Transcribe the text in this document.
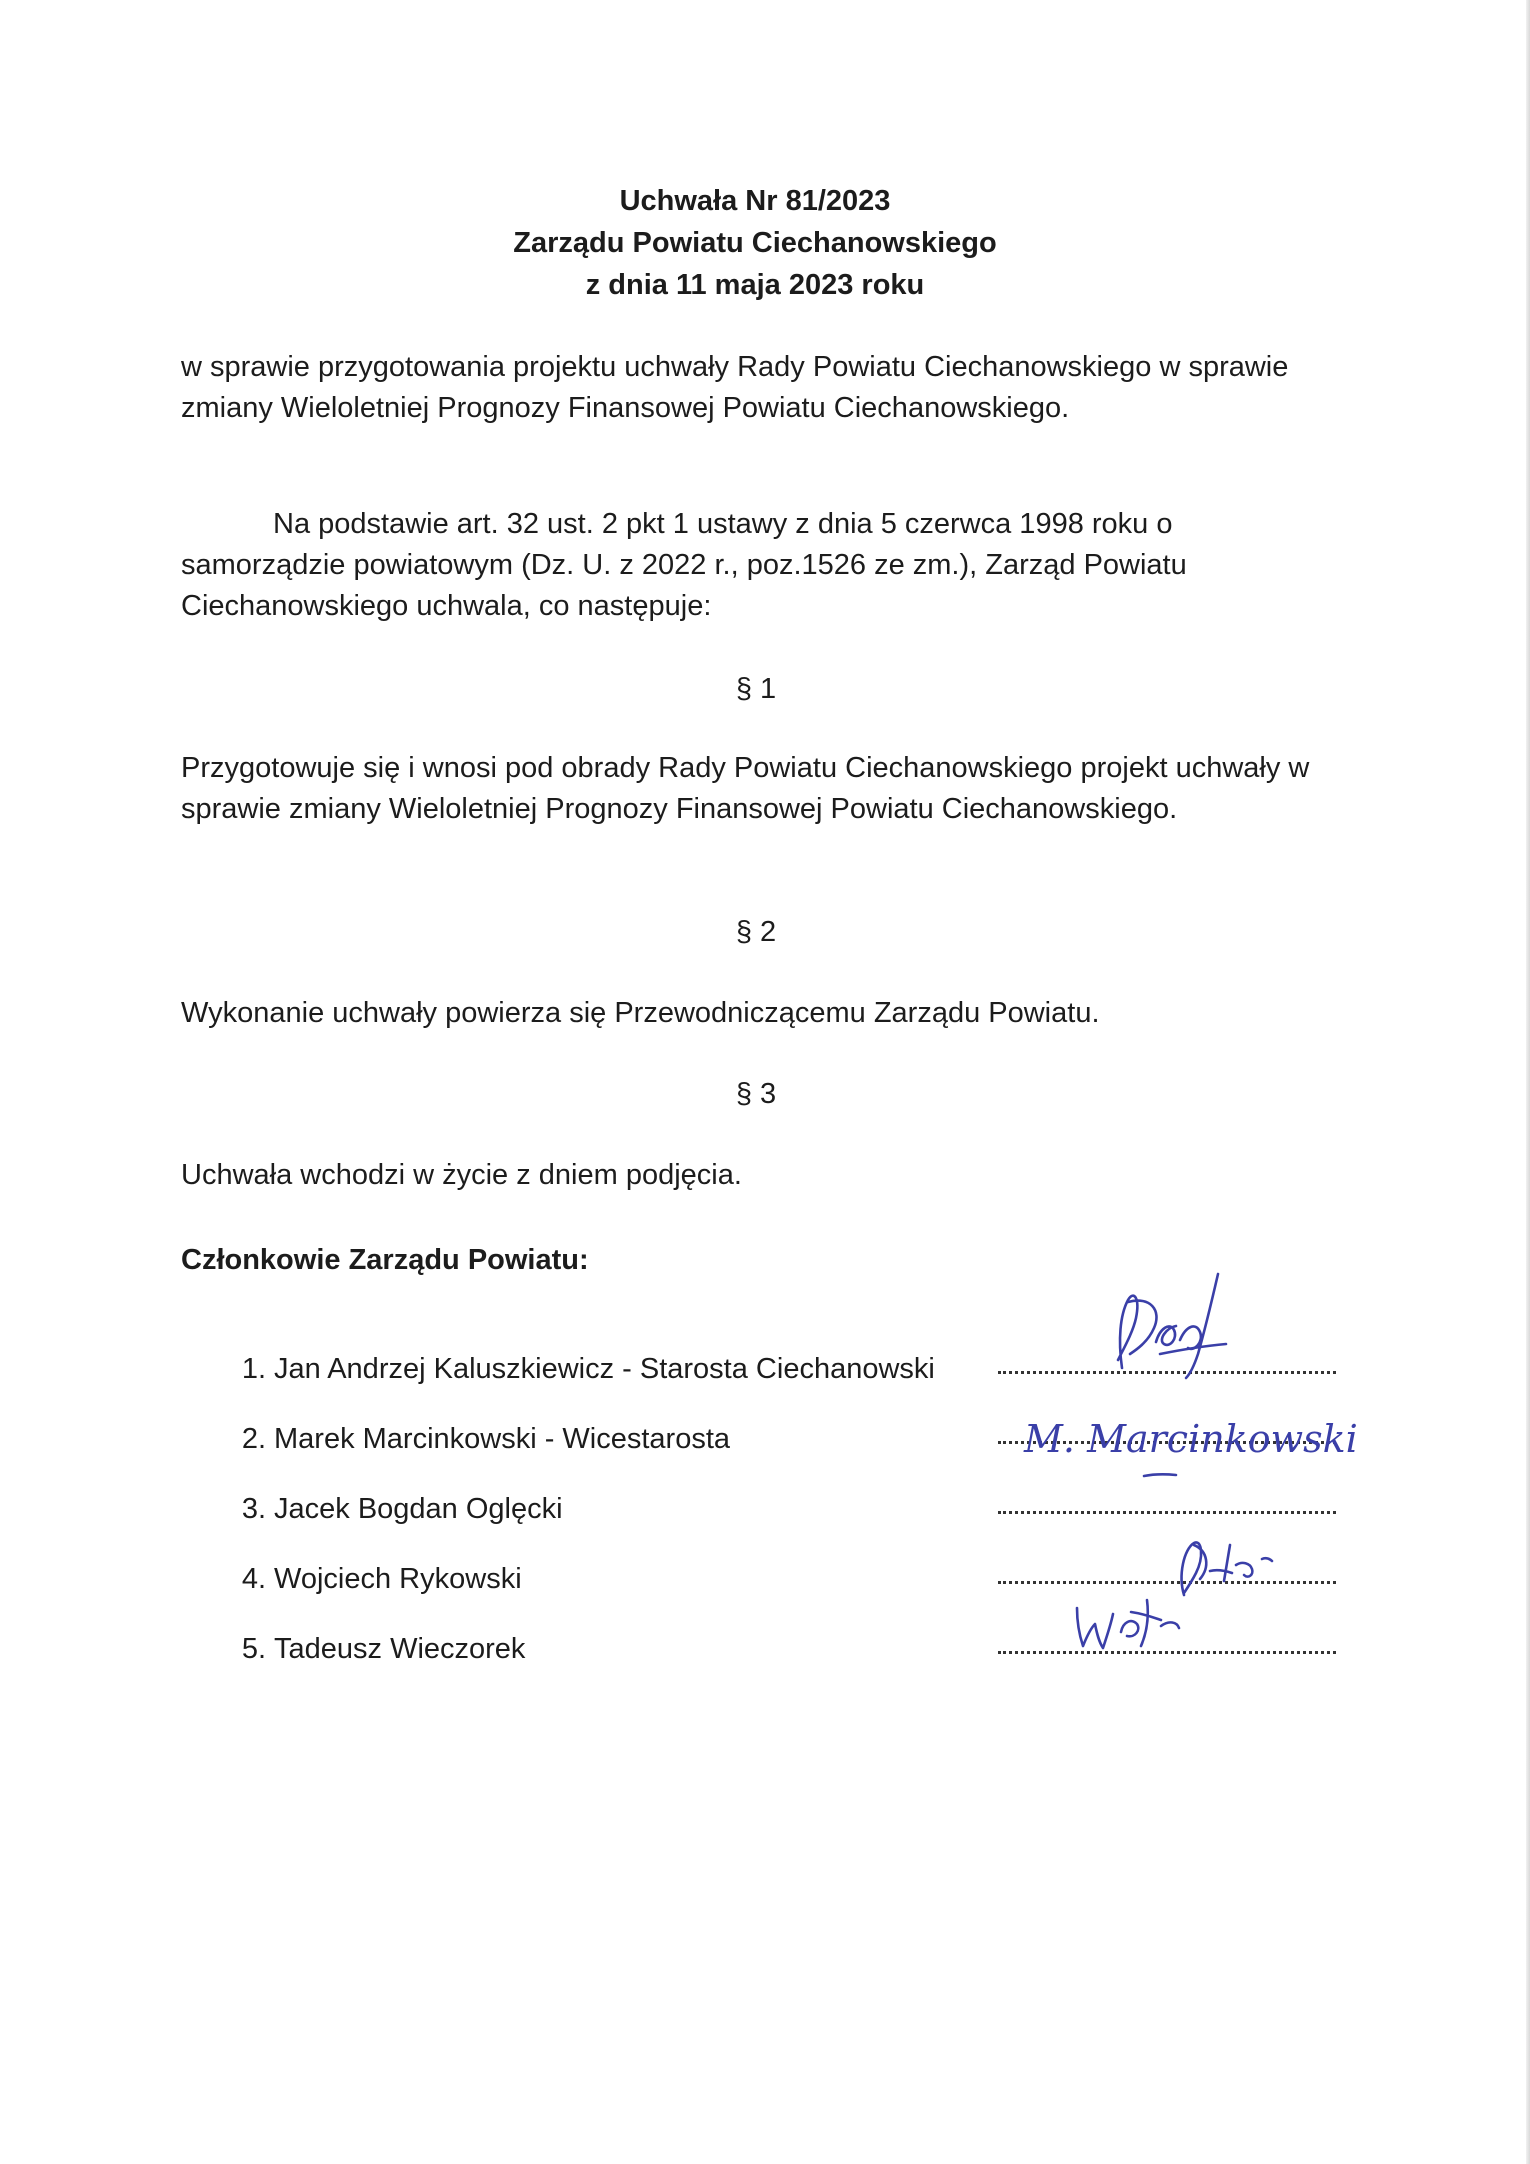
Uchwała Nr 81/2023
Zarządu Powiatu Ciechanowskiego
z dnia 11 maja 2023 roku
w sprawie przygotowania projektu uchwały Rady Powiatu Ciechanowskiego w sprawie zmiany Wieloletniej Prognozy Finansowej Powiatu Ciechanowskiego.
Na podstawie art. 32 ust. 2 pkt 1 ustawy z dnia 5 czerwca 1998 roku o samorządzie powiatowym (Dz. U. z 2022 r., poz.1526 ze zm.), Zarząd Powiatu Ciechanowskiego uchwala, co następuje:
§ 1
Przygotowuje się i wnosi pod obrady Rady Powiatu Ciechanowskiego projekt uchwały w sprawie zmiany Wieloletniej Prognozy Finansowej Powiatu Ciechanowskiego.
§ 2
Wykonanie uchwały powierza się Przewodniczącemu Zarządu Powiatu.
§ 3
Uchwała wchodzi w życie z dniem podjęcia.
Członkowie Zarządu Powiatu:
1. Jan Andrzej Kaluszkiewicz - Starosta Ciechanowski
2. Marek Marcinkowski - Wicestarosta
3. Jacek Bogdan Oglęcki
4. Wojciech Rykowski
5. Tadeusz Wieczorek
M. Marcinkowski
